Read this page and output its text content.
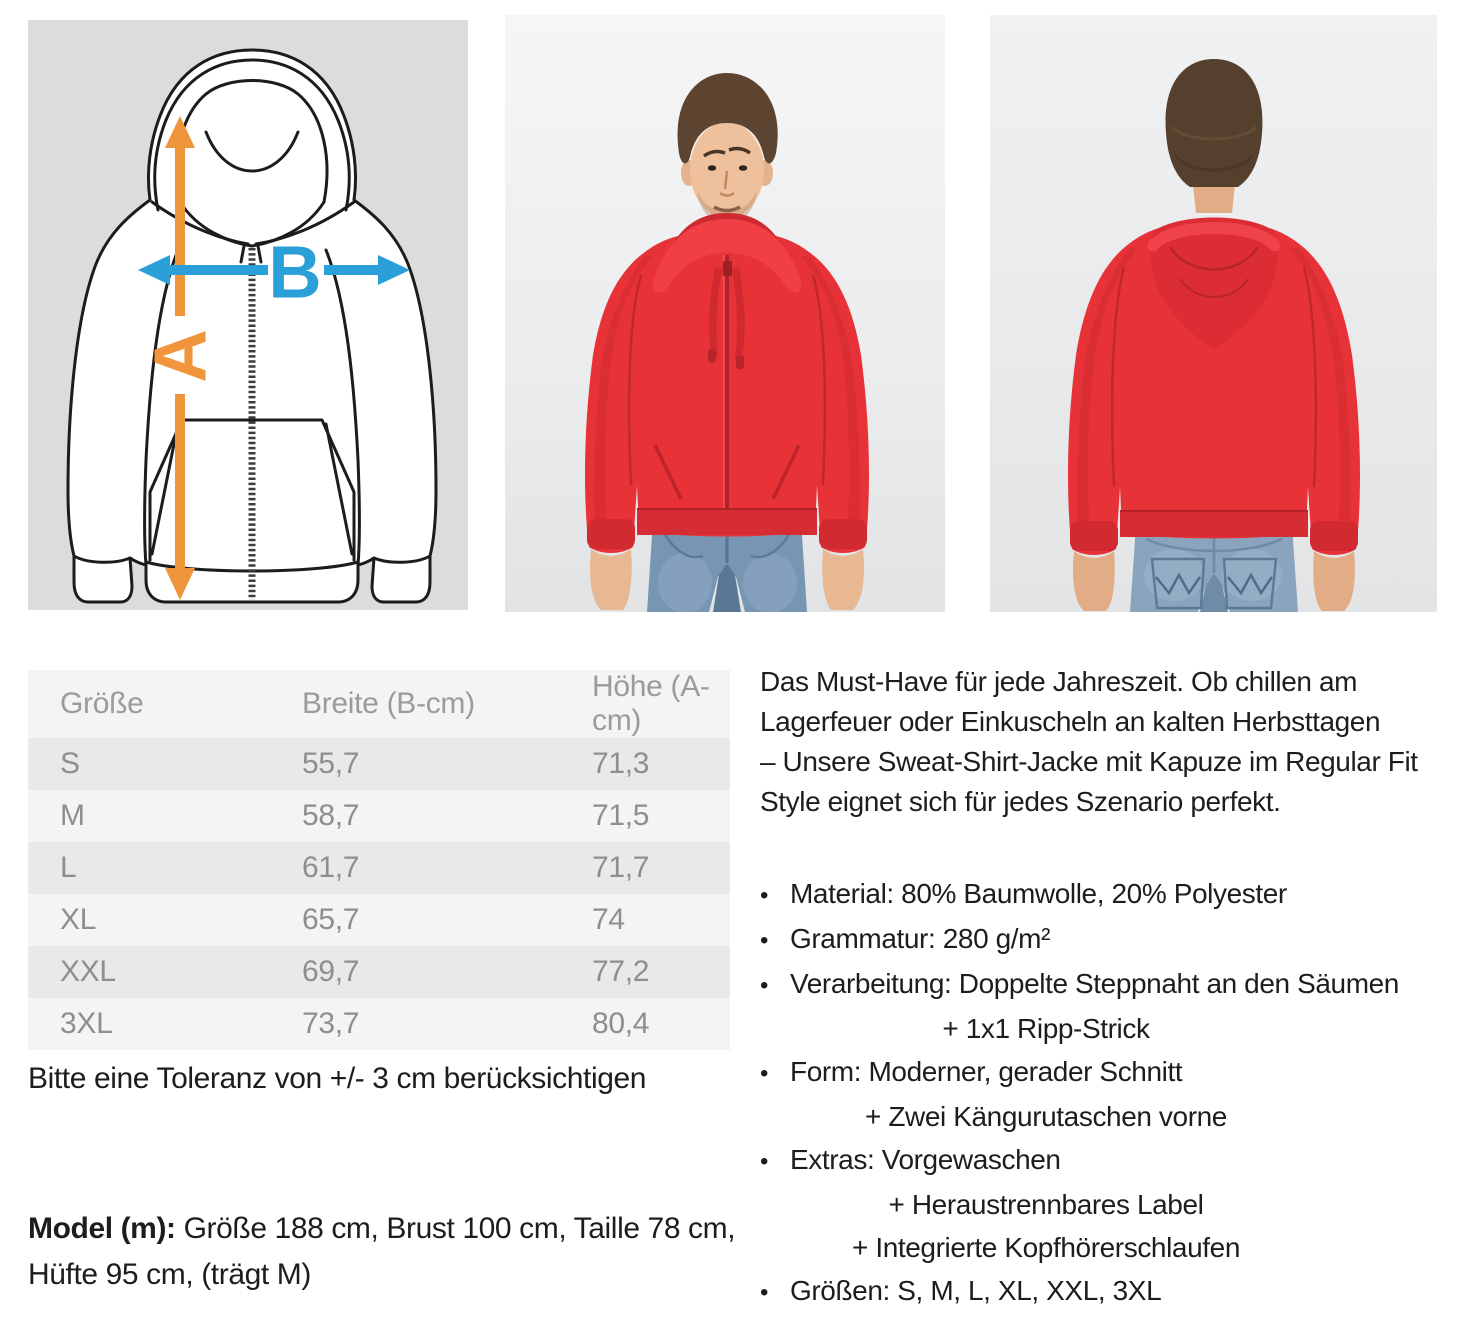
A
B
Größe	Breite (B-cm)	Höhe (A-cm)
S	55,7	71,3
M	58,7	71,5
L	61,7	71,7
XL	65,7	74
XXL	69,7	77,2
3XL	73,7	80,4
Bitte eine Toleranz von +/- 3 cm berücksichtigen
Model (m): Größe 188 cm, Brust 100 cm, Taille 78 cm,
Hüfte 95 cm, (trägt M)
Das Must-Have für jede Jahreszeit. Ob chillen am
Lagerfeuer oder Einkuscheln an kalten Herbsttagen
– Unsere Sweat-Shirt-Jacke mit Kapuze im Regular Fit
Style eignet sich für jedes Szenario perfekt.
• Material: 80% Baumwolle, 20% Polyester
• Grammatur: 280 g/m²
• Verarbeitung: Doppelte Steppnaht an den Säumen
+ 1x1 Ripp-Strick
• Form: Moderner, gerader Schnitt
+ Zwei Kängurutaschen vorne
• Extras: Vorgewaschen
+ Heraustrennbares Label
+ Integrierte Kopfhörerschlaufen
• Größen: S, M, L, XL, XXL, 3XL
